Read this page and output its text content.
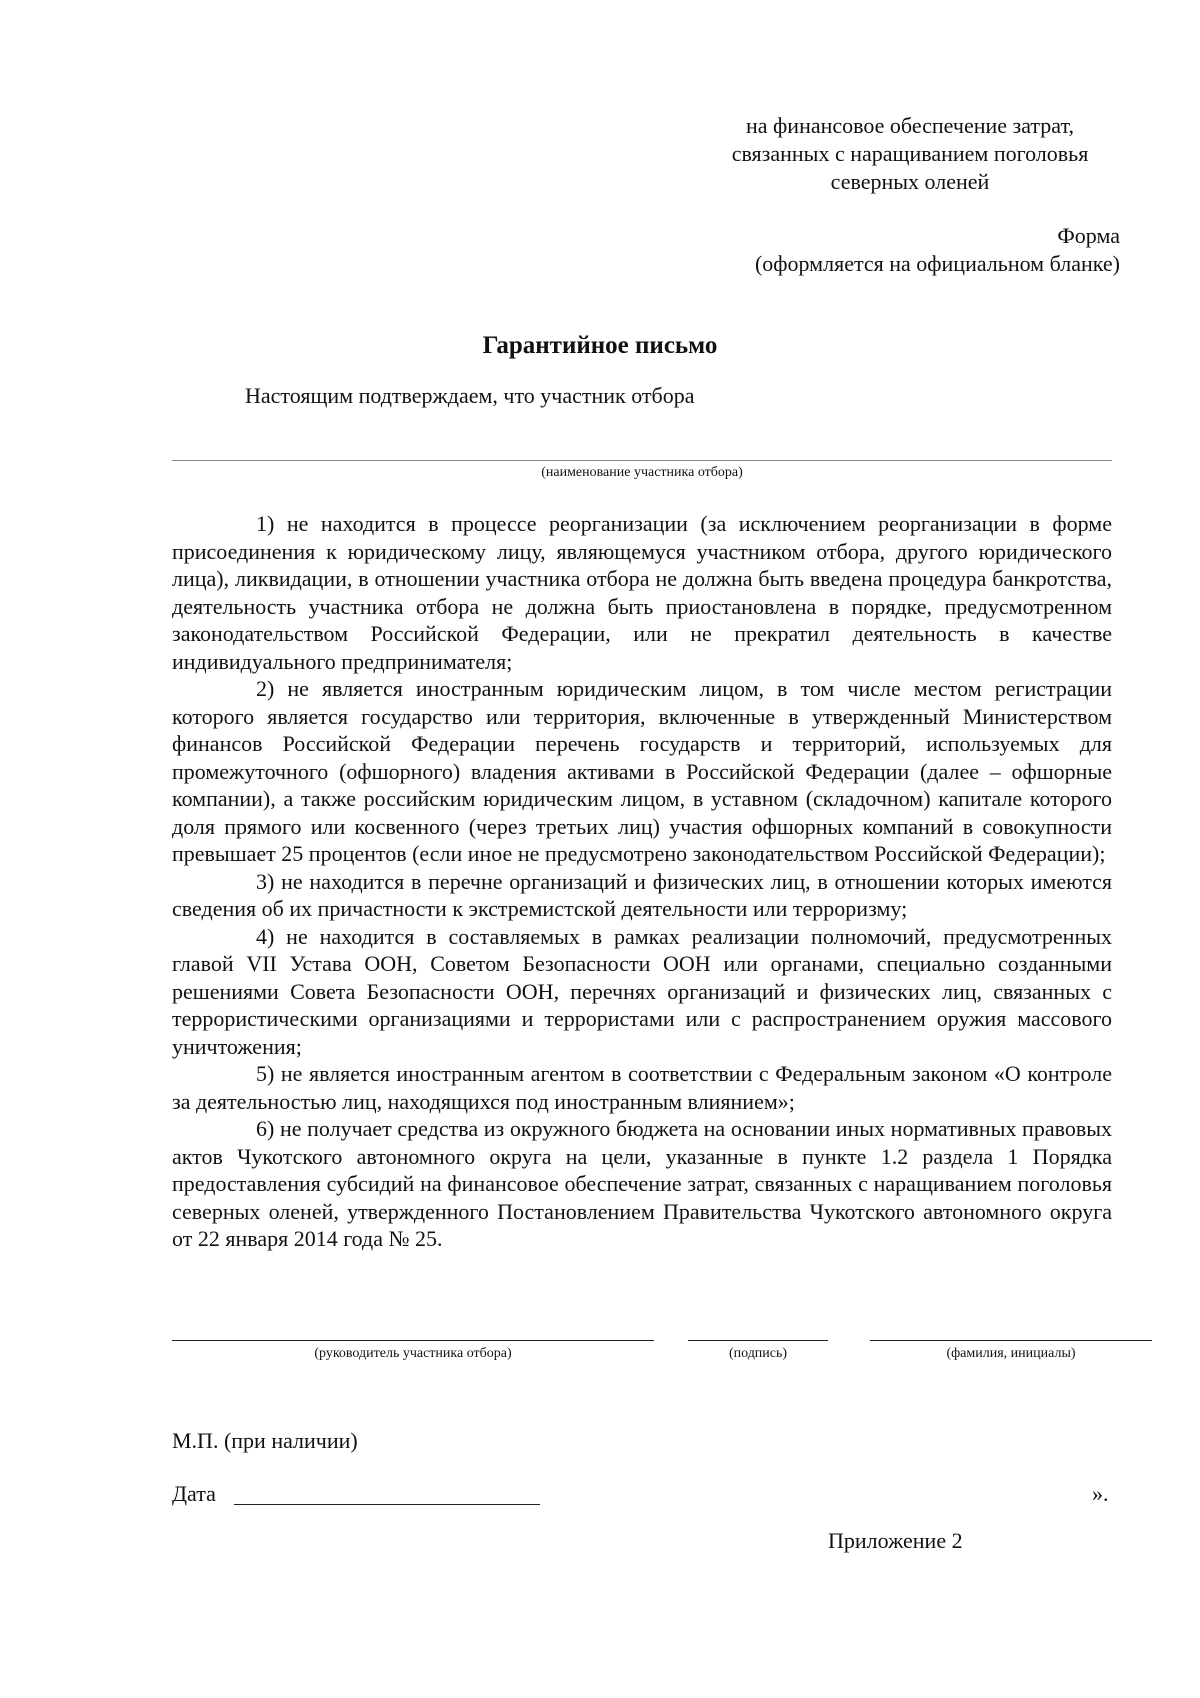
на финансовое обеспечение затрат,
связанных с наращиванием поголовья
северных оленей
Форма
(оформляется на официальном бланке)
Гарантийное письмо
Настоящим подтверждаем, что участник отбора
(наименование участника отбора)

1) не находится в процессе реорганизации (за исключением реорганизации в форме присоединения к юридическому лицу, являющемуся участником отбора, другого юридического лица), ликвидации, в отношении участника отбора не должна быть введена процедура банкротства, деятельность участника отбора не должна быть приостановлена в порядке, предусмотренном законодательством Российской Федерации, или не прекратил деятельность в качестве индивидуального предпринимателя;

2) не является иностранным юридическим лицом, в том числе местом регистрации которого является государство или территория, включенные в утвержденный Министерством финансов Российской Федерации перечень государств и территорий, используемых для промежуточного (офшорного) владения активами в Российской Федерации (далее – офшорные компании), а также российским юридическим лицом, в уставном (складочном) капитале которого доля прямого или косвенного (через третьих лиц) участия офшорных компаний в совокупности превышает 25 процентов (если иное не предусмотрено законодательством Российской Федерации);

3) не находится в перечне организаций и физических лиц, в отношении которых имеются сведения об их причастности к экстремистской деятельности или терроризму;

4) не находится в составляемых в рамках реализации полномочий, предусмотренных главой VII Устава ООН, Советом Безопасности ООН или органами, специально созданными решениями Совета Безопасности ООН, перечнях организаций и физических лиц, связанных с террористическими организациями и террористами или с распространением оружия массового уничтожения;

5) не является иностранным агентом в соответствии с Федеральным законом «О контроле за деятельностью лиц, находящихся под иностранным влиянием»;

6) не получает средства из окружного бюджета на основании иных нормативных правовых актов Чукотского автономного округа на цели, указанные в пункте 1.2 раздела 1 Порядка предоставления субсидий на финансовое обеспечение затрат, связанных с наращиванием поголовья северных оленей, утвержденного Постановлением Правительства Чукотского автономного округа от 22 января 2014 года № 25.

(руководитель участника отбора)	(подпись)	(фамилия, инициалы)
М.П. (при наличии)
Дата	».
Приложение 2
